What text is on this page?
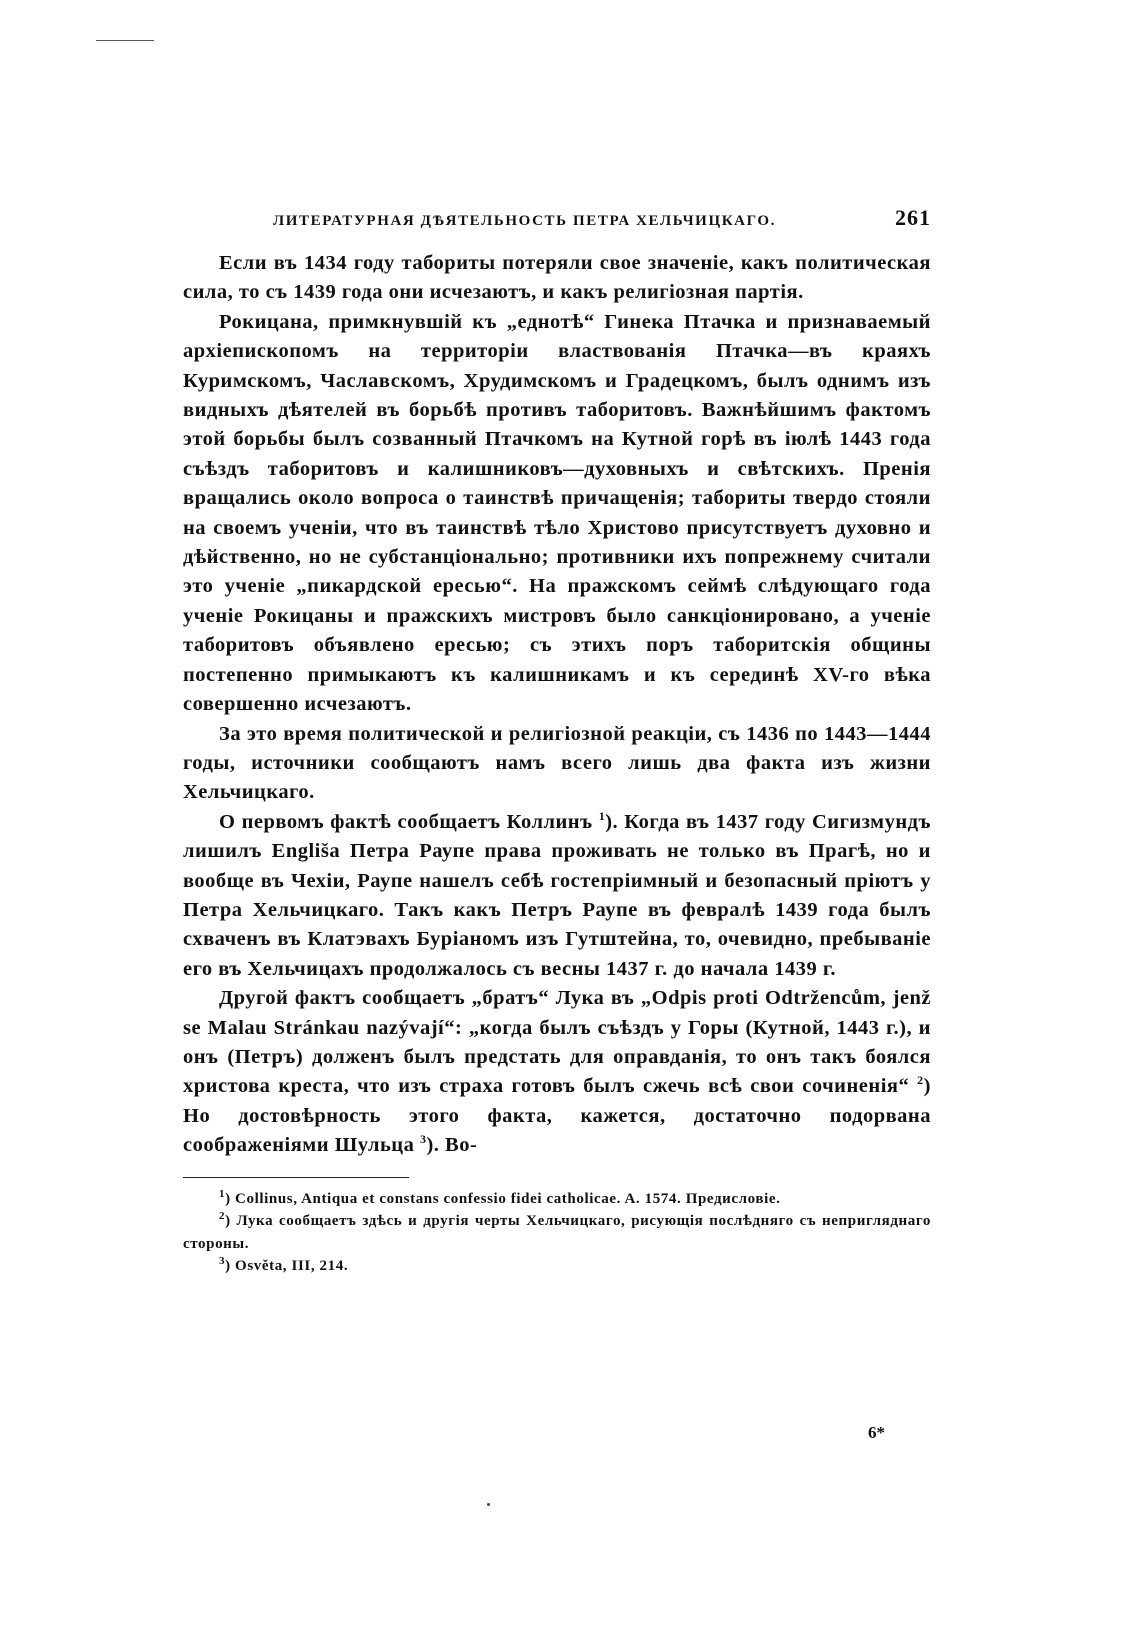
ЛИТЕРАТУРНАЯ ДѢЯТЕЛЬНОСТЬ ПЕТРА ХЕЛЬЧИЦКАГО.	261

Если въ 1434 году табориты потеряли свое значеніе, какъ политическая сила, то съ 1439 года они исчезаютъ, и какъ религіозная партія.

Рокицана, примкнувшій къ „еднотѣ“ Гинека Птачка и признаваемый архіепископомъ на территоріи властвованія Птачка—въ краяхъ Куримскомъ, Чаславскомъ, Хрудимскомъ и Градецкомъ, былъ однимъ изъ видныхъ дѣятелей въ борьбѣ противъ таборитовъ. Важнѣйшимъ фактомъ этой борьбы былъ созванный Птачкомъ на Кутной горѣ въ іюлѣ 1443 года съѣздъ таборитовъ и калишниковъ—духовныхъ и свѣтскихъ. Пренія вращались около вопроса о таинствѣ причащенія; табориты твердо стояли на своемъ ученіи, что въ таинствѣ тѣло Христово присутствуетъ духовно и дѣйственно, но не субстанціонально; противники ихъ попрежнему считали это ученіе „пикардской ересью“. На пражскомъ сеймѣ слѣдующаго года ученіе Рокицаны и пражскихъ мистровъ было санкціонировано, а ученіе таборитовъ объявлено ересью; съ этихъ поръ таборитскія общины постепенно примыкаютъ къ калишникамъ и къ серединѣ XV-го вѣка совершенно исчезаютъ.

За это время политической и религіозной реакціи, съ 1436 по 1443—1444 годы, источники сообщаютъ намъ всего лишь два факта изъ жизни Хельчицкаго.

О первомъ фактѣ сообщаетъ Коллинъ $^1$). Когда въ 1437 году Сигизмундъ лишилъ Englišа Петра Раупе права проживать не только въ Прагѣ, но и вообще въ Чехіи, Раупе нашелъ себѣ гостепріимный и безопасный пріютъ у Петра Хельчицкаго. Такъ какъ Петръ Раупе въ февралѣ 1439 года былъ схваченъ въ Клатэвахъ Буріаномъ изъ Гутштейна, то, очевидно, пребываніе его въ Хельчицахъ продолжалось съ весны 1437 г. до начала 1439 г.

Другой фактъ сообщаетъ „братъ“ Лука въ „Odpis proti Odtržencům, jenž se Malau Stránkau nazývají“: „когда былъ съѣздъ у Горы (Кутной, 1443 г.), и онъ (Петръ) долженъ былъ предстать для оправданія, то онъ такъ боялся христова креста, что изъ страха готовъ былъ сжечь всѣ свои сочиненія“ $^2$) Но достовѣрность этого факта, кажется, достаточно подорвана соображеніями Шульца $^3$). Во-

$^1$) Collinus, Antiqua et constans confessio fidei catholicae. A. 1574. Предисловіе.

$^2$) Лука сообщаетъ здѣсь и другія черты Хельчицкаго, рисующія послѣдняго съ непригляднаго стороны.

$^3$) Osvěta, III, 214.

6*
